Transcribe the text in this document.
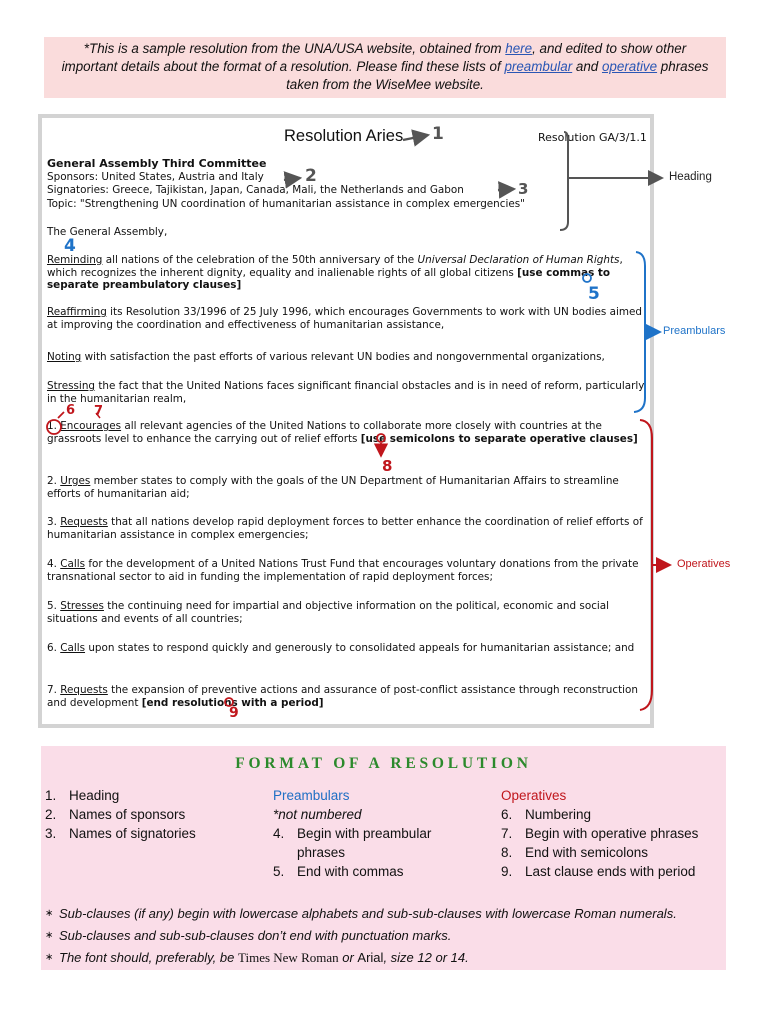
*This is a sample resolution from the UNA/USA website, obtained from here, and edited to show other important details about the format of a resolution. Please find these lists of preambular and operative phrases taken from the WiseMee website.
Resolution Aries	Resolution GA/3/1.1
General Assembly Third Committee
Sponsors: United States, Austria and Italy
Signatories: Greece, Tajikistan, Japan, Canada, Mali, the Netherlands and Gabon
Topic: "Strengthening UN coordination of humanitarian assistance in complex emergencies"
The General Assembly,
Reminding all nations of the celebration of the 50th anniversary of the Universal Declaration of Human Rights, which recognizes the inherent dignity, equality and inalienable rights of all global citizens [use commas to separate preambulatory clauses]
Reaffirming its Resolution 33/1996 of 25 July 1996, which encourages Governments to work with UN bodies aimed at improving the coordination and effectiveness of humanitarian assistance,
Noting with satisfaction the past efforts of various relevant UN bodies and nongovernmental organizations,
Stressing the fact that the United Nations faces significant financial obstacles and is in need of reform, particularly in the humanitarian realm,
1. Encourages all relevant agencies of the United Nations to collaborate more closely with countries at the grassroots level to enhance the carrying out of relief efforts [use semicolons to separate operative clauses]
2. Urges member states to comply with the goals of the UN Department of Humanitarian Affairs to streamline efforts of humanitarian aid;
3. Requests that all nations develop rapid deployment forces to better enhance the coordination of relief efforts of humanitarian assistance in complex emergencies;
4. Calls for the development of a United Nations Trust Fund that encourages voluntary donations from the private transnational sector to aid in funding the implementation of rapid deployment forces;
5. Stresses the continuing need for impartial and objective information on the political, economic and social situations and events of all countries;
6. Calls upon states to respond quickly and generously to consolidated appeals for humanitarian assistance; and
7. Requests the expansion of preventive actions and assurance of post-conflict assistance through reconstruction and development [end resolutions with a period]
1
2
3
4
5
6 7
8
9
Heading
Preambulars
Operatives
FORMAT OF A RESOLUTION
1. Heading
2. Names of sponsors
3. Names of signatories
Preambulars
*not numbered
4. Begin with preambular phrases
5. End with commas
Operatives
6. Numbering
7. Begin with operative phrases
8. End with semicolons
9. Last clause ends with period
∗ Sub-clauses (if any) begin with lowercase alphabets and sub-sub-clauses with lowercase Roman numerals.
∗ Sub-clauses and sub-sub-clauses don’t end with punctuation marks.
∗ The font should, preferably, be Times New Roman or Arial, size 12 or 14.
